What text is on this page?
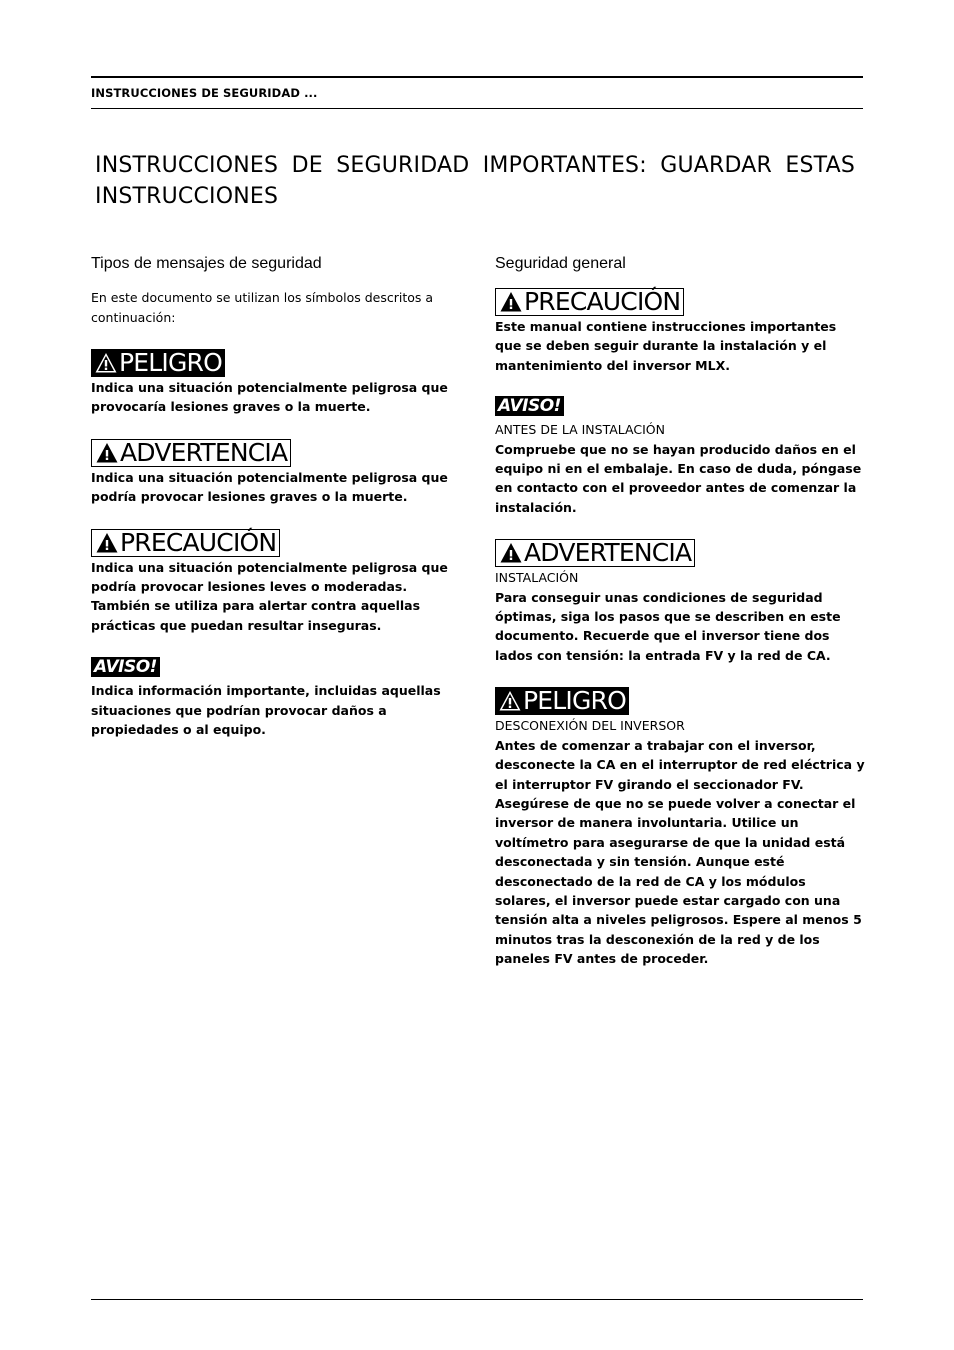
INSTRUCCIONES DE SEGURIDAD ...
INSTRUCCIONES DE SEGURIDAD IMPORTANTES: GUARDAR ESTAS INSTRUCCIONES
Tipos de mensajes de seguridad

En este documento se utilizan los símbolos descritos a continuación:

PELIGRO

Indica una situación potencialmente peligrosa que provocaría lesiones graves o la muerte.

ADVERTENCIA

Indica una situación potencialmente peligrosa que podría provocar lesiones graves o la muerte.

PRECAUCIÓN

Indica una situación potencialmente peligrosa que podría provocar lesiones leves o moderadas. También se utiliza para alertar contra aquellas prácticas que puedan resultar inseguras.

AVISO!

Indica información importante, incluidas aquellas situaciones que podrían provocar daños a propiedades o al equipo.

Seguridad general
PRECAUCIÓN

Este manual contiene instrucciones importantes que se deben seguir durante la instalación y el mantenimiento del inversor MLX.

AVISO!

ANTES DE LA INSTALACIÓN

Compruebe que no se hayan producido daños en el equipo ni en el embalaje. En caso de duda, póngase en contacto con el proveedor antes de comenzar la instalación.

ADVERTENCIA

INSTALACIÓN

Para conseguir unas condiciones de seguridad óptimas, siga los pasos que se describen en este documento. Recuerde que el inversor tiene dos lados con tensión: la entrada FV y la red de CA.

PELIGRO

DESCONEXIÓN DEL INVERSOR

Antes de comenzar a trabajar con el inversor, desconecte la CA en el interruptor de red eléctrica y el interruptor FV girando el seccionador FV. Asegúrese de que no se puede volver a conectar el inversor de manera involuntaria. Utilice un voltímetro para asegurarse de que la unidad está desconectada y sin tensión. Aunque esté desconectado de la red de CA y los módulos solares, el inversor puede estar cargado con una tensión alta a niveles peligrosos. Espere al menos 5 minutos tras la desconexión de la red y de los paneles FV antes de proceder.
